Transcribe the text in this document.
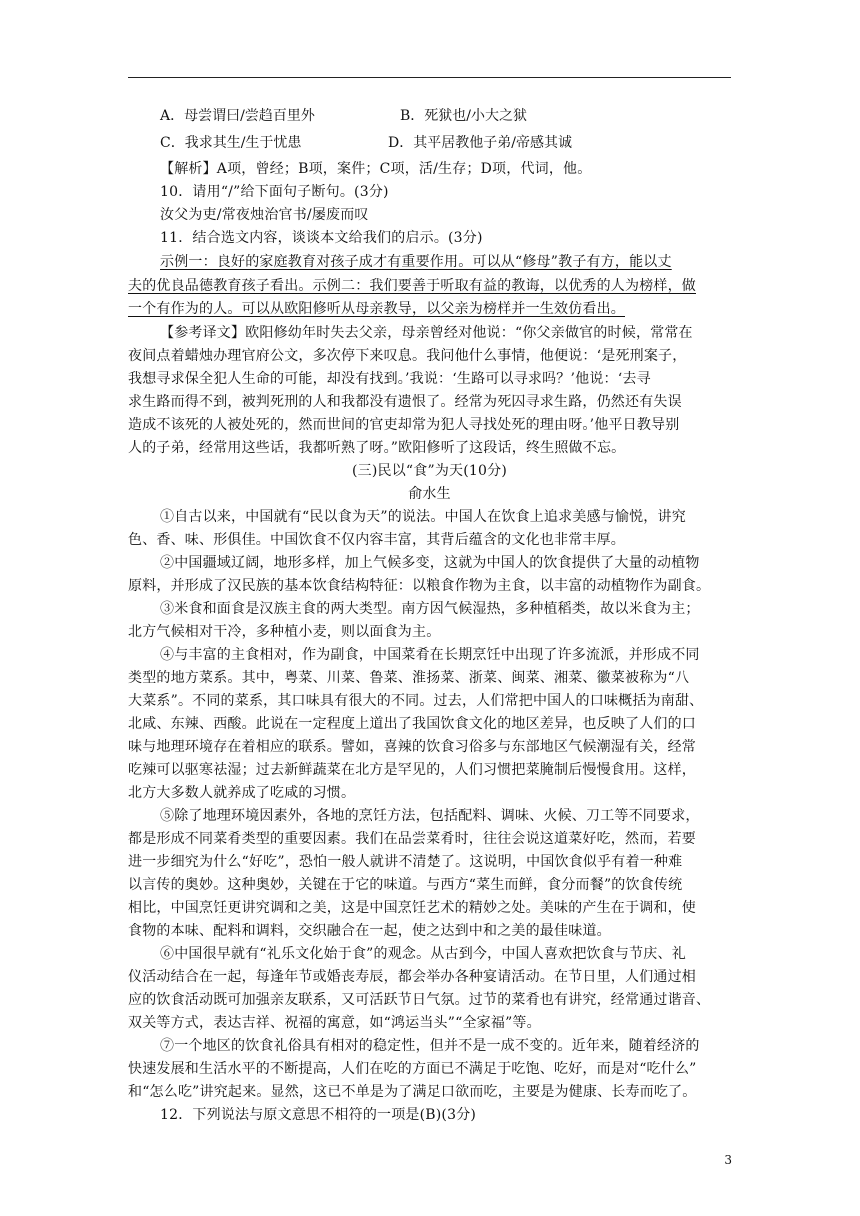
A．母尝谓曰/尝趋百里外	B．死狱也/小大之狱
C．我求其生/生于忧患	D．其平居教他子弟/帝感其诚
【解析】A项，曾经；B项，案件；C项，活/生存；D项，代词，他。
10．请用“/”给下面句子断句。(3分)
汝父为吏/常夜烛治官书/屡废而叹
11．结合选文内容，谈谈本文给我们的启示。(3分)
示例一：良好的家庭教育对孩子成才有重要作用。可以从“修母”教子有方，能以丈
夫的优良品德教育孩子看出。示例二：我们要善于听取有益的教诲，以优秀的人为榜样，做
一个有作为的人。可以从欧阳修听从母亲教导，以父亲为榜样并一生效仿看出。
【参考译文】欧阳修幼年时失去父亲，母亲曾经对他说：“你父亲做官的时候，常常在
夜间点着蜡烛办理官府公文，多次停下来叹息。我问他什么事情，他便说：‘是死刑案子，
我想寻求保全犯人生命的可能，却没有找到。’我说：‘生路可以寻求吗？’他说：‘去寻
求生路而得不到，被判死刑的人和我都没有遗恨了。经常为死囚寻求生路，仍然还有失误
造成不该死的人被处死的，然而世间的官吏却常为犯人寻找处死的理由呀。’他平日教导别
人的子弟，经常用这些话，我都听熟了呀。”欧阳修听了这段话，终生照做不忘。
(三)民以“食”为天(10分)
俞水生
①自古以来，中国就有“民以食为天”的说法。中国人在饮食上追求美感与愉悦，讲究
色、香、味、形俱佳。中国饮食不仅内容丰富，其背后蕴含的文化也非常丰厚。
②中国疆域辽阔，地形多样，加上气候多变，这就为中国人的饮食提供了大量的动植物
原料，并形成了汉民族的基本饮食结构特征：以粮食作物为主食，以丰富的动植物作为副食。
③米食和面食是汉族主食的两大类型。南方因气候湿热，多种植稻类，故以米食为主；
北方气候相对干冷，多种植小麦，则以面食为主。
④与丰富的主食相对，作为副食，中国菜肴在长期烹饪中出现了许多流派，并形成不同
类型的地方菜系。其中，粤菜、川菜、鲁菜、淮扬菜、浙菜、闽菜、湘菜、徽菜被称为“八
大菜系”。不同的菜系，其口味具有很大的不同。过去，人们常把中国人的口味概括为南甜、
北咸、东辣、西酸。此说在一定程度上道出了我国饮食文化的地区差异，也反映了人们的口
味与地理环境存在着相应的联系。譬如，喜辣的饮食习俗多与东部地区气候潮湿有关，经常
吃辣可以驱寒祛湿；过去新鲜蔬菜在北方是罕见的，人们习惯把菜腌制后慢慢食用。这样，
北方大多数人就养成了吃咸的习惯。
⑤除了地理环境因素外，各地的烹饪方法，包括配料、调味、火候、刀工等不同要求，
都是形成不同菜肴类型的重要因素。我们在品尝菜肴时，往往会说这道菜好吃，然而，若要
进一步细究为什么“好吃”，恐怕一般人就讲不清楚了。这说明，中国饮食似乎有着一种难
以言传的奥妙。这种奥妙，关键在于它的味道。与西方“菜生而鲜，食分而餐”的饮食传统
相比，中国烹饪更讲究调和之美，这是中国烹饪艺术的精妙之处。美味的产生在于调和，使
食物的本味、配料和调料，交织融合在一起，使之达到中和之美的最佳味道。
⑥中国很早就有“礼乐文化始于食”的观念。从古到今，中国人喜欢把饮食与节庆、礼
仪活动结合在一起，每逢年节或婚丧寿辰，都会举办各种宴请活动。在节日里，人们通过相
应的饮食活动既可加强亲友联系，又可活跃节日气氛。过节的菜肴也有讲究，经常通过谐音、
双关等方式，表达吉祥、祝福的寓意，如“鸿运当头”“全家福”等。
⑦一个地区的饮食礼俗具有相对的稳定性，但并不是一成不变的。近年来，随着经济的
快速发展和生活水平的不断提高，人们在吃的方面已不满足于吃饱、吃好，而是对“吃什么”
和“怎么吃”讲究起来。显然，这已不单是为了满足口欲而吃，主要是为健康、长寿而吃了。
12．下列说法与原文意思不相符的一项是(B)(3分)
3
